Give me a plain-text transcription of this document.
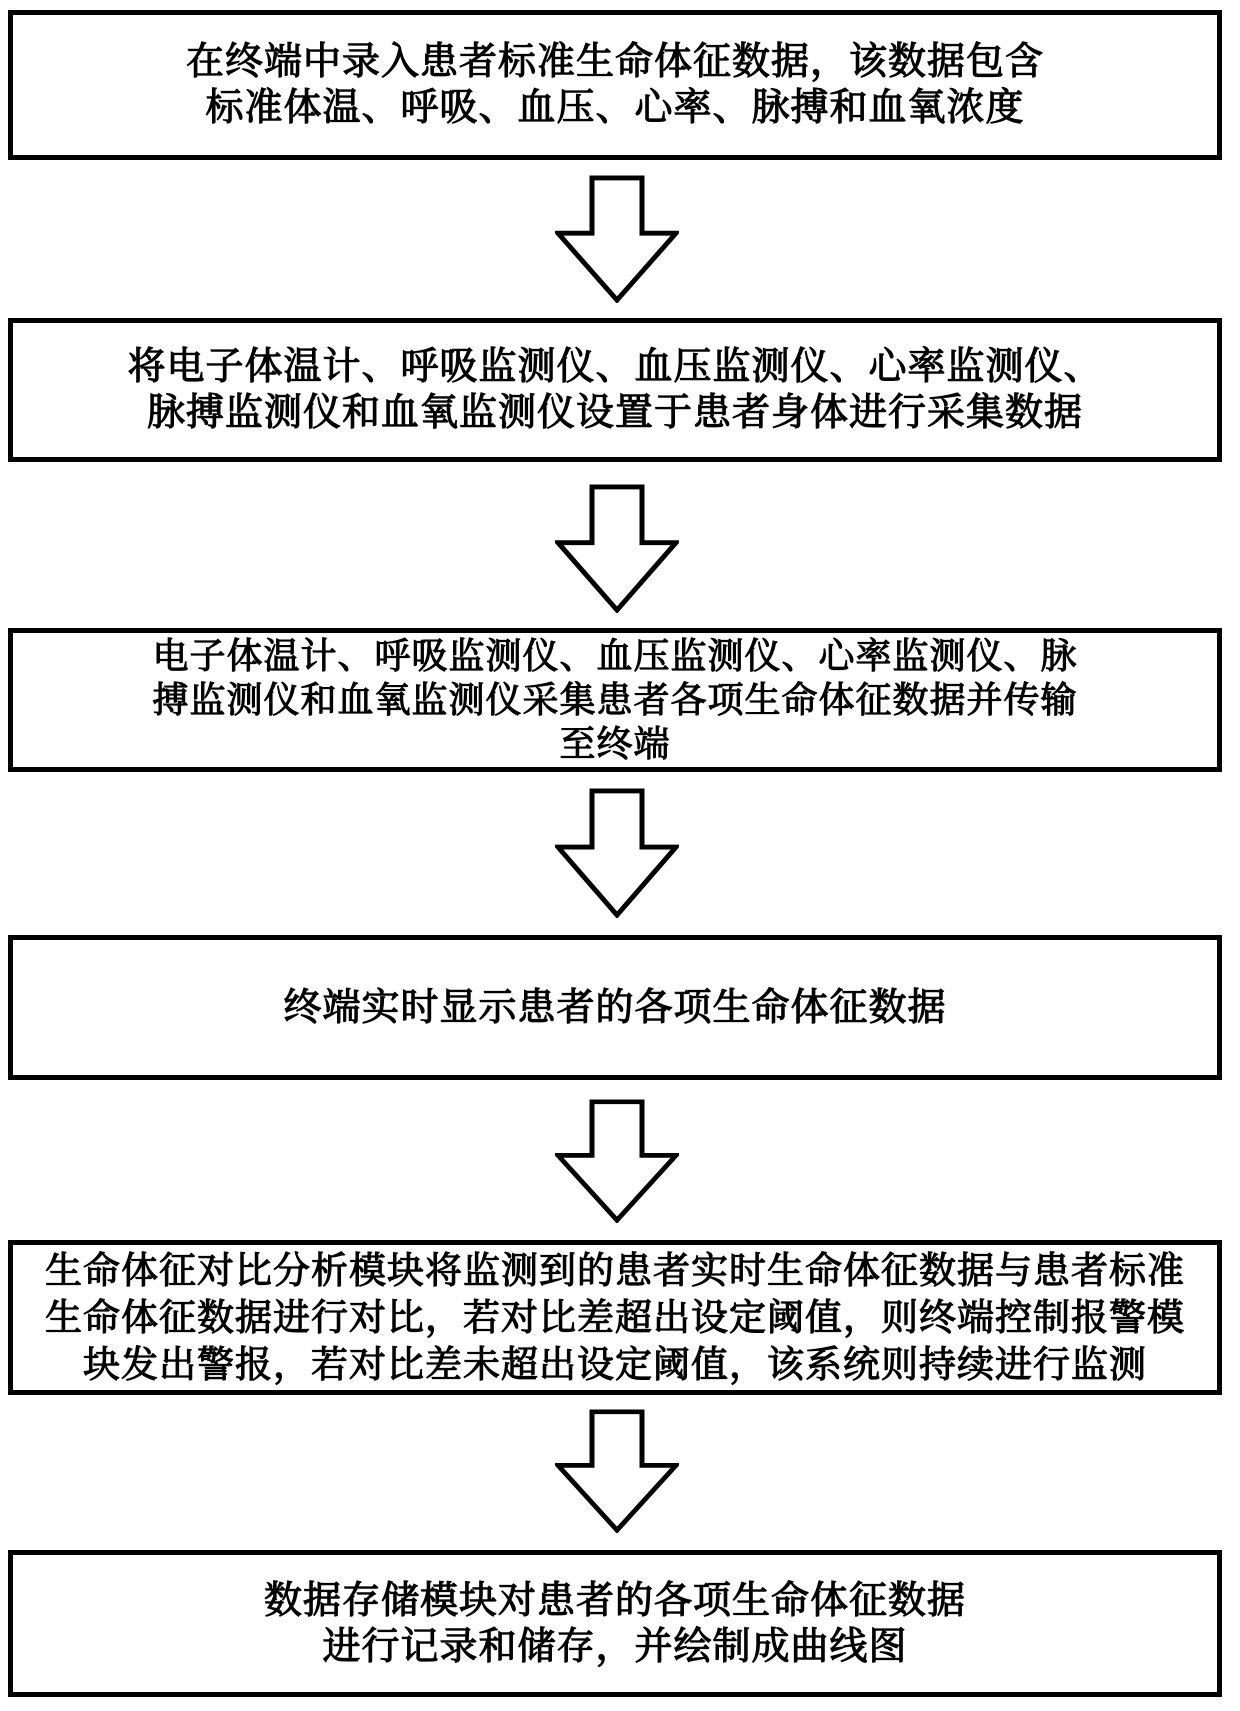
在终端中录入患者标准生命体征数据，该数据包含
标准体温、呼吸、血压、心率、脉搏和血氧浓度
将电子体温计、呼吸监测仪、血压监测仪、心率监测仪、
脉搏监测仪和血氧监测仪设置于患者身体进行采集数据
电子体温计、呼吸监测仪、血压监测仪、心率监测仪、脉
搏监测仪和血氧监测仪采集患者各项生命体征数据并传输
至终端
终端实时显示患者的各项生命体征数据
生命体征对比分析模块将监测到的患者实时生命体征数据与患者标准
生命体征数据进行对比，若对比差超出设定阈值，则终端控制报警模
块发出警报，若对比差未超出设定阈值，该系统则持续进行监测
数据存储模块对患者的各项生命体征数据
进行记录和储存，并绘制成曲线图
